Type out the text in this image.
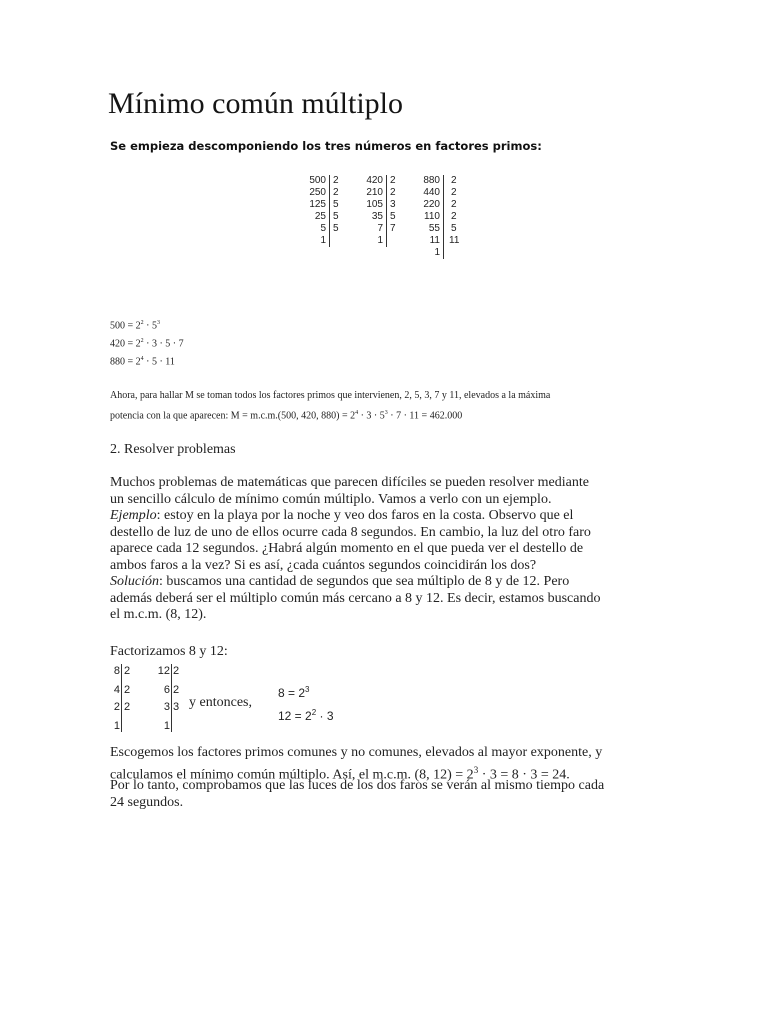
Mínimo común múltiplo
Se empieza descomponiendo los tres números en factores primos:
500
250
125
25
5
1
2
2
5
5
5
420
210
105
35
7
1
2
2
3
5
7
880
440
220
110
55
11
1
2
2
2
2
5
11
$500 = 2^2 \cdot 5^3$
$420 = 2^2 \cdot 3 \cdot 5 \cdot 7$
$880 = 2^4 \cdot 5 \cdot 11$
Ahora, para hallar M se toman todos los factores primos que intervienen, 2, 5, 3, 7 y 11, elevados a la máxima
potencia con la que aparecen: M = m.c.m.(500, 420, $880) = 2^4 \cdot 3 \cdot 5^3 \cdot 7 \cdot 11 = 462.000$
2. Resolver problemas
Muchos problemas de matemáticas que parecen difíciles se pueden resolver mediante
un sencillo cálculo de mínimo común múltiplo. Vamos a verlo con un ejemplo.
Ejemplo: estoy en la playa por la noche y veo dos faros en la costa. Observo que el
destello de luz de uno de ellos ocurre cada 8 segundos. En cambio, la luz del otro faro
aparece cada 12 segundos. ¿Habrá algún momento en el que pueda ver el destello de
ambos faros a la vez? Si es así, ¿cada cuántos segundos coincidirán los dos?
Solución: buscamos una cantidad de segundos que sea múltiplo de 8 y de 12. Pero
además deberá ser el múltiplo común más cercano a 8 y 12. Es decir, estamos buscando
el m.c.m. (8, 12).
Factorizamos 8 y 12:
8
4
2
1
2
2
2
12
6
3
1
2
2
3 y entonces,
$8 = 2^3$
$12 = 2^2 \cdot 3$
Escogemos los factores primos comunes y no comunes, elevados al mayor exponente, y
calculamos el mínimo común múltiplo. Así, el m.c.m. (8, $12) = 2^3 \cdot 3 = 8 \cdot 3 = 24$.
Por lo tanto, comprobamos que las luces de los dos faros se verán al mismo tiempo cada
24 segundos.
